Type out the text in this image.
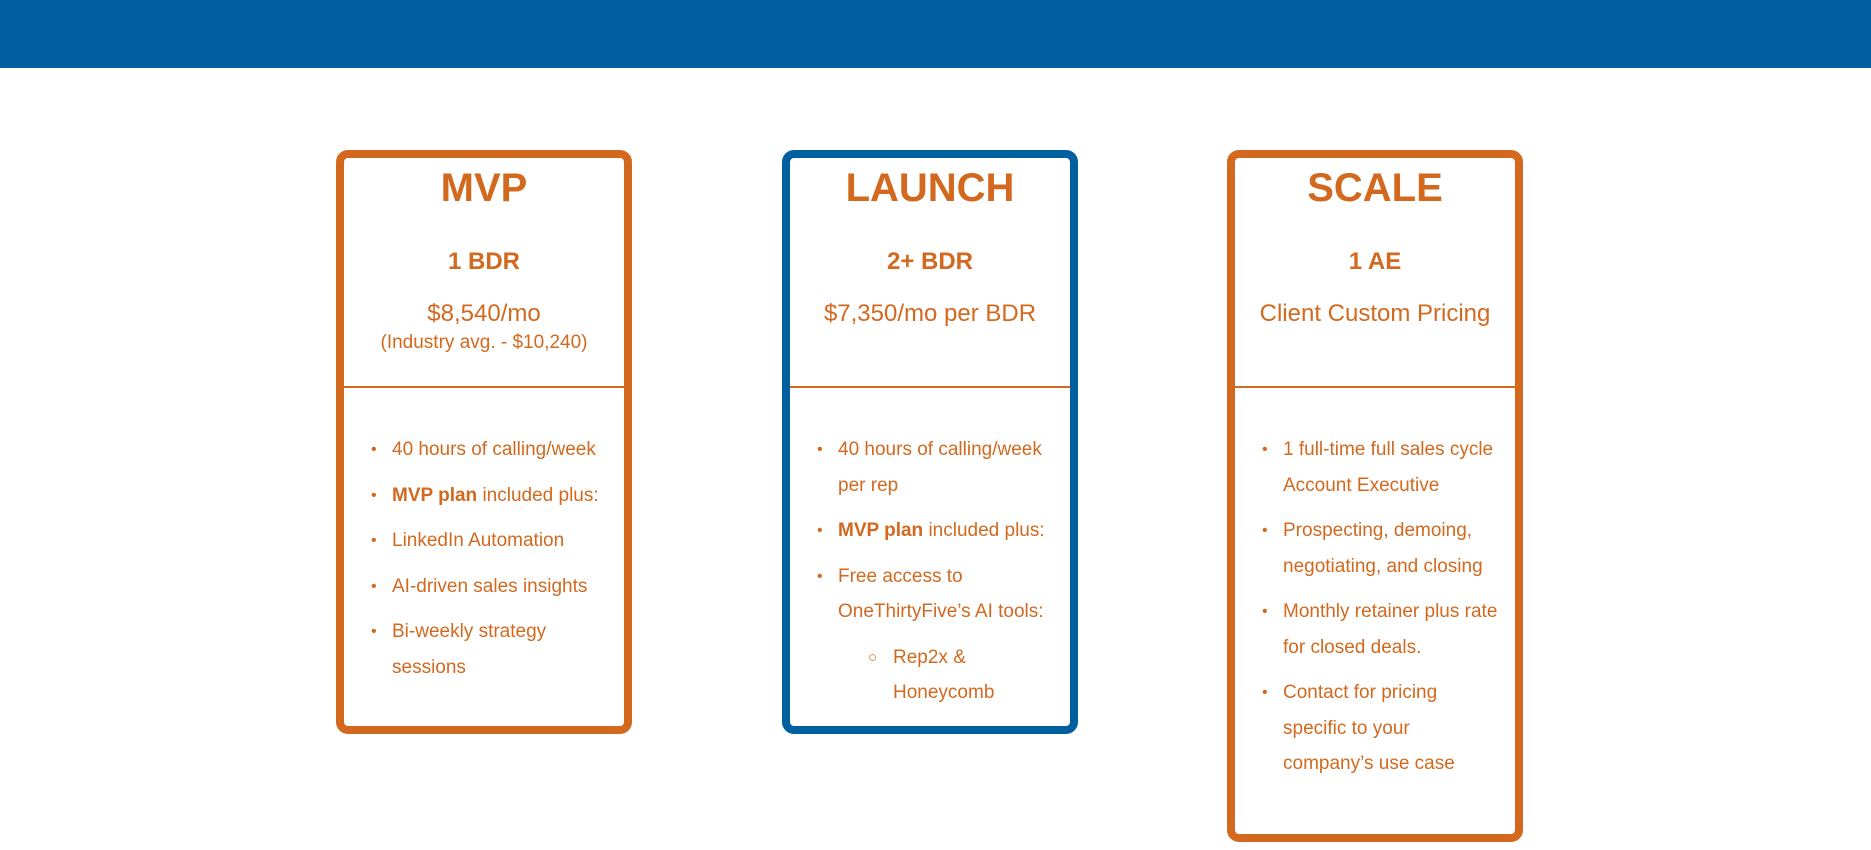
MVP
1 BDR
$8,540/mo
(Industry avg. - $10,240)
• 40 hours of calling/week
• MVP plan included plus:
• LinkedIn Automation
• AI-driven sales insights
• Bi-weekly strategy sessions
LAUNCH
2+ BDR
$7,350/mo per BDR
• 40 hours of calling/week per rep
• MVP plan included plus:
• Free access to OneThirtyFive’s AI tools:
○ Rep2x & Honeycomb
SCALE
1 AE
Client Custom Pricing
• 1 full-time full sales cycle Account Executive
• Prospecting, demoing, negotiating, and closing
• Monthly retainer plus rate for closed deals.
• Contact for pricing specific to your company’s use case
